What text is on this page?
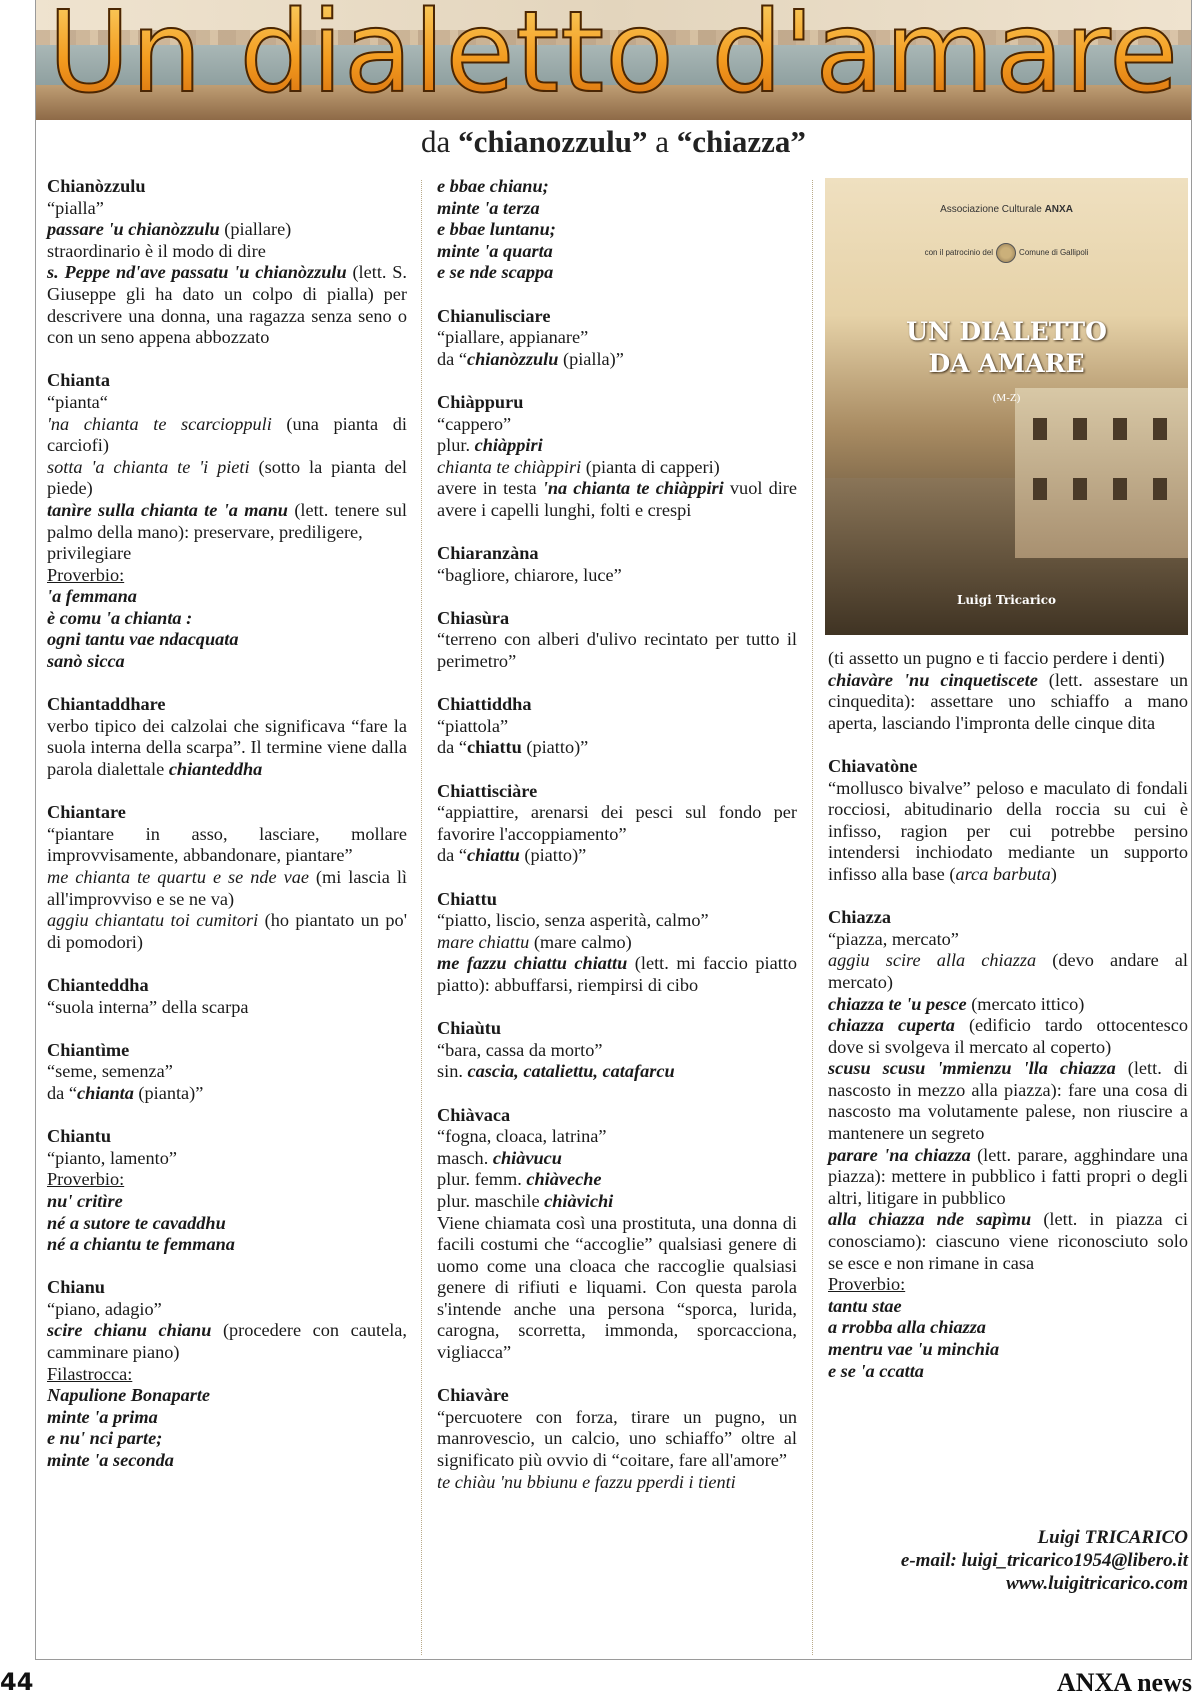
Un dialetto d'amare
da “chianozzulu” a “chiazza”
Chianòzzulu
“pialla”
passare 'u chianòzzulu (piallare)
straordinario è il modo di dire
s. Peppe nd'ave passatu 'u chianòzzulu (lett. S. Giuseppe gli ha dato un colpo di pialla) per descrivere una donna, una ragazza senza seno o con un seno appena abbozzato
Chianta
“pianta“
'na chianta te scarcioppuli (una pianta di carciofi)
sotta 'a chianta te 'i pieti (sotto la pianta del piede)
tanìre sulla chianta te 'a manu (lett. tenere sul palmo della mano): preservare, prediligere,
privilegiare
Proverbio:
'a femmana
è comu 'a chianta :
ogni tantu vae ndacquata
sanò sicca
Chiantaddhare
verbo tipico dei calzolai che significava “fare la suola interna della scarpa”. Il termine viene dalla parola dialettale chianteddha
Chiantare
“piantare in asso, lasciare, mollare improvvisamente, abbandonare, piantare”
me chianta te quartu e se nde vae (mi lascia lì all'improvviso e se ne va)
aggiu chiantatu toi cumitori (ho piantato un po' di pomodori)
Chianteddha
“suola interna” della scarpa
Chiantìme
“seme, semenza”
da “chianta (pianta)”
Chiantu
“pianto, lamento”
Proverbio:
nu' critìre
né a sutore te cavaddhu
né a chiantu te femmana
Chianu
“piano, adagio”
scire chianu chianu (procedere con cautela, camminare piano)
Filastrocca:
Napulione Bonaparte
minte 'a prima
e nu' nci parte;
minte 'a seconda
e bbae chianu;
minte 'a terza
e bbae luntanu;
minte 'a quarta
e se nde scappa
Chianulisciare
“piallare, appianare”
da “chianòzzulu (pialla)”
Chiàppuru
“cappero”
plur. chiàppiri
chianta te chiàppiri (pianta di capperi)
avere in testa 'na chianta te chiàppiri vuol dire avere i capelli lunghi, folti e crespi
Chiaranzàna
“bagliore, chiarore, luce”
Chiasùra
“terreno con alberi d'ulivo recintato per tutto il perimetro”
Chiattiddha
“piattola”
da “chiattu (piatto)”
Chiattisciàre
“appiattire, arenarsi dei pesci sul fondo per favorire l'accoppiamento”
da “chiattu (piatto)”
Chiattu
“piatto, liscio, senza asperità, calmo”
mare chiattu (mare calmo)
me fazzu chiattu chiattu (lett. mi faccio piatto piatto): abbuffarsi, riempirsi di cibo
Chiaùtu
“bara, cassa da morto”
sin. cascia, cataliettu, catafarcu
Chiàvaca
“fogna, cloaca, latrina”
masch. chiàvucu
plur. femm. chiàveche
plur. maschile chiàvichi
Viene chiamata così una prostituta, una donna di facili costumi che “accoglie” qualsiasi genere di uomo come una cloaca che raccoglie qualsiasi genere di rifiuti e liquami. Con questa parola s'intende anche una persona “sporca, lurida, carogna, scorretta, immonda, sporcacciona, vigliacca”
Chiavàre
“percuotere con forza, tirare un pugno, un manrovescio, un calcio, uno schiaffo” oltre al significato più ovvio di “coitare, fare all'amore”
te chiàu 'nu bbiunu e fazzu pperdi i tienti
Associazione Culturale ANXA
con il patrocinio del	Comune di Gallipoli
UN DIALETTO
DA AMARE
(M-Z)
Luigi Tricarico
(ti assetto un pugno e ti faccio perdere i denti)
chiavàre 'nu cinquetiscete (lett. assestare un cinquedita): assettare uno schiaffo a mano aperta, lasciando l'impronta delle cinque dita
Chiavatòne
“mollusco bivalve” peloso e maculato di fondali rocciosi, abitudinario della roccia su cui è infisso, ragion per cui potrebbe persino intendersi inchiodato mediante un supporto infisso alla base (arca barbuta)
Chiazza
“piazza, mercato”
aggiu scire alla chiazza (devo andare al mercato)
chiazza te 'u pesce (mercato ittico)
chiazza cuperta (edificio tardo ottocentesco dove si svolgeva il mercato al coperto)
scusu scusu 'mmienzu 'lla chiazza (lett. di nascosto in mezzo alla piazza): fare una cosa di nascosto ma volutamente palese, non riuscire a mantenere un segreto
parare 'na chiazza (lett. parare, agghindare una piazza): mettere in pubblico i fatti propri o degli altri, litigare in pubblico
alla chiazza nde sapìmu (lett. in piazza ci conosciamo): ciascuno viene riconosciuto solo se esce e non rimane in casa
Proverbio:
tantu stae
a rrobba alla chiazza
mentru vae 'u minchia
e se 'a ccatta
Luigi TRICARICO
e-mail: luigi_tricarico1954@libero.it
www.luigitricarico.com
44	ANXA news
